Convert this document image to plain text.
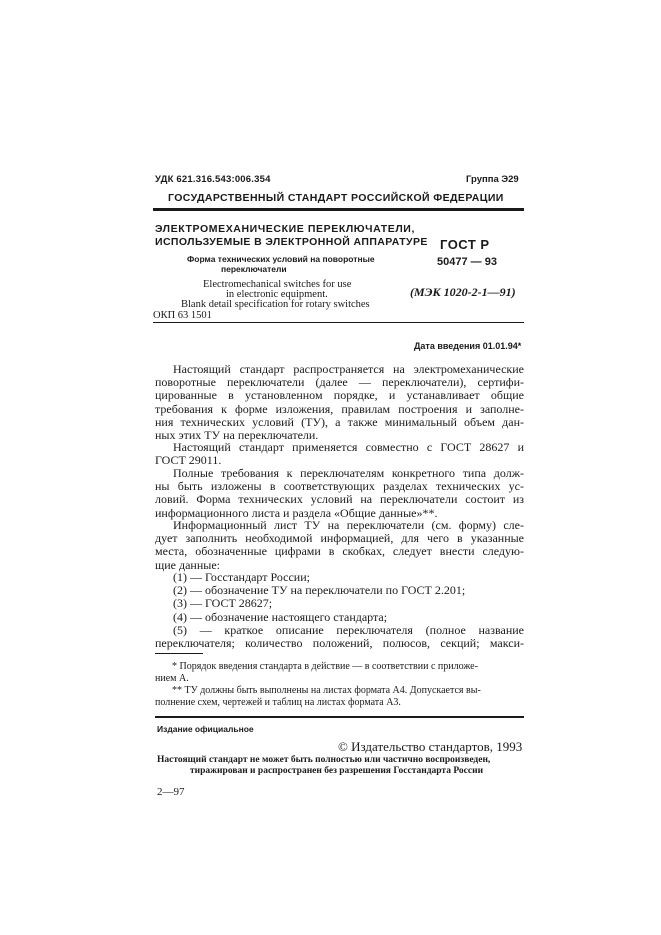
УДК 621.316.543:006.354	Группа Э29
ГОСУДАРСТВЕННЫЙ СТАНДАРТ РОССИЙСКОЙ ФЕДЕРАЦИИ
ЭЛЕКТРОМЕХАНИЧЕСКИЕ ПЕРЕКЛЮЧАТЕЛИ,
ИСПОЛЬЗУЕМЫЕ В ЭЛЕКТРОННОЙ АППАРАТУРЕ
Форма технических условий на поворотные
переключатели
Electromechanical switches for use
in electronic equipment.
Blank detail specification for rotary switches
ОКП 63 1501
ГОСТ Р
50477 — 93
(МЭК 1020-2-1—91)
Дата введения 01.01.94*
Настоящий стандарт распространяется на электромеханические
поворотные переключатели (далее — переключатели), сертифи-
цированные в установленном порядке, и устанавливает общие
требования к форме изложения, правилам построения и заполне-
ния технических условий (ТУ), а также минимальный объем дан-
ных этих ТУ на переключатели.
Настоящий стандарт применяется совместно с ГОСТ 28627 и
ГОСТ 29011.
Полные требования к переключателям конкретного типа долж-
ны быть изложены в соответствующих разделах технических ус-
ловий. Форма технических условий на переключатели состоит из
информационного листа и раздела «Общие данные»**.
Информационный лист ТУ на переключатели (см. форму) сле-
дует заполнить необходимой информацией, для чего в указанные
места, обозначенные цифрами в скобках, следует внести следую-
щие данные:
(1) — Госстандарт России;
(2) — обозначение ТУ на переключатели по ГОСТ 2.201;
(3) — ГОСТ 28627;
(4) — обозначение настоящего стандарта;
(5) — краткое описание переключателя (полное название
переключателя; количество положений, полюсов, секций; макси-
* Порядок введения стандарта в действие — в соответствии с приложе-
нием А.
** ТУ должны быть выполнены на листах формата А4. Допускается вы-
полнение схем, чертежей и таблиц на листах формата А3.
Издание официальное
© Издательство стандартов, 1993
Настоящий стандарт не может быть полностью или частично воспроизведен,
тиражирован и распространен без разрешения Госстандарта России
2—97
